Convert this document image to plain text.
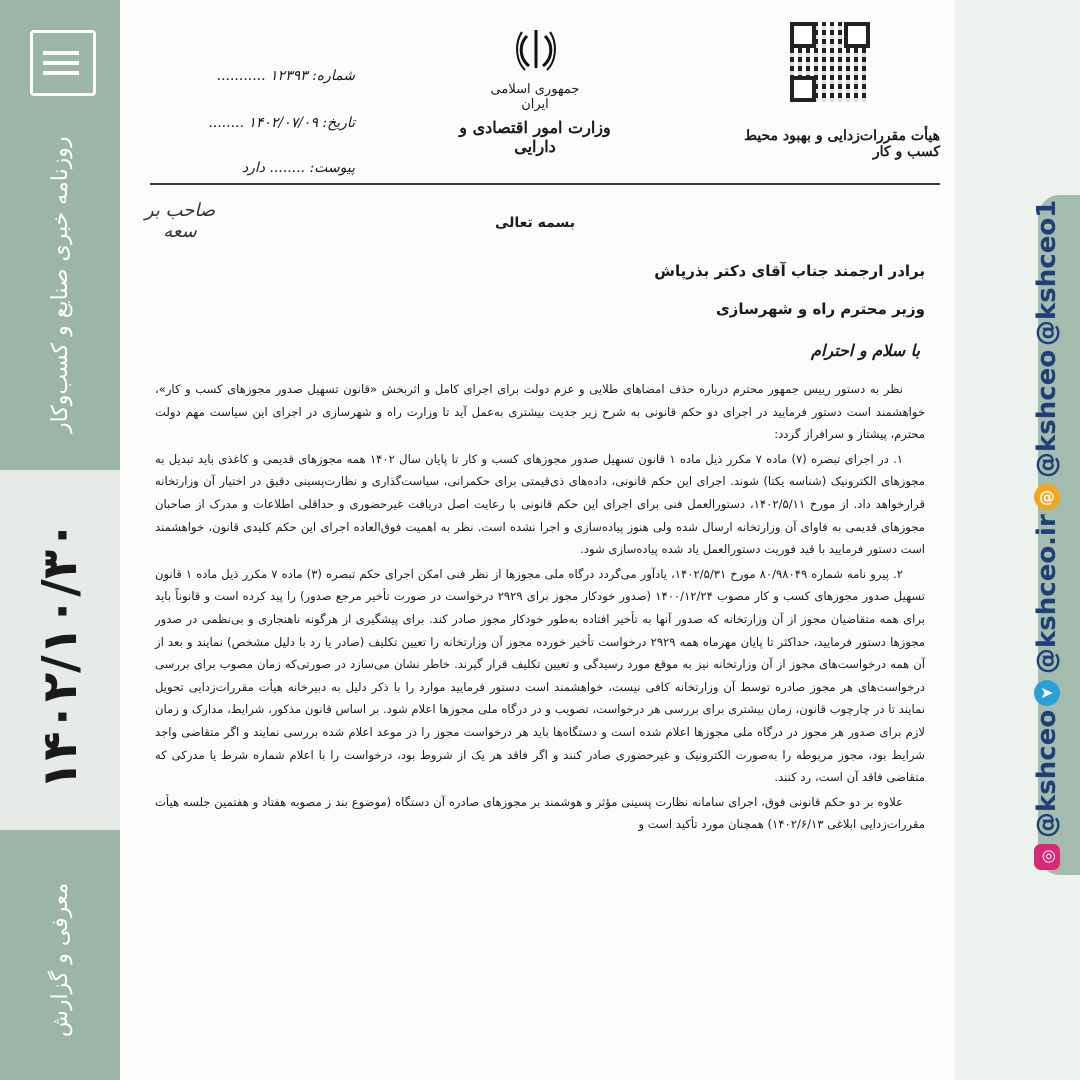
روزنامه خبری صنایع و کسب‌وکار
۱۴۰۲/۱۰/۳۰
معرفی و گزارش
جمهوری اسلامی ایران
وزارت امور اقتصادی و دارایی
هیأت مقررات‌زدایی و بهبود محیط کسب و کار
شماره: ۱۲۳۹۳ ...........
تاریخ: ۱۴۰۲/۰۷/۰۹ ........
پیوست: ........ دارد
بسمه تعالی
صاحب بر سعه
برادر ارجمند جناب آقای دکتر بذرپاش
وزیر محترم راه و شهرسازی
با سلام و احترام

نظر به دستور ریيس جمهور محترم درباره حذف امضاهای طلایی و عزم دولت برای اجرای کامل و اثربخش «قانون تسهیل صدور مجوزهای کسب و کار»، خواهشمند است دستور فرمایید در اجرای دو حکم قانونی به شرح زیر جدیت بیشتری به‌عمل آید تا وزارت راه و شهرسازی در اجرای این سیاست مهم دولت محترم، پیشتاز و سرافراز گردد:

۱. در اجرای تبصره (۷) ماده ۷ مکرر ذیل ماده ۱ قانون تسهیل صدور مجوزهای کسب و کار تا پایان سال ۱۴۰۲ همه مجوزهای قدیمی و کاغذی باید تبدیل به مجوزهای الکترونیک (شناسه یکتا) شوند. اجرای این حکم قانونی، داده‌های ذی‌قیمتی برای حکمرانی، سیاست‌گذاری و نظارت‌پسینی دقیق در اختیار آن وزارتخانه قرارخواهد داد. از مورخ ۱۴۰۲/۵/۱۱، دستورالعمل فنی برای اجرای این حکم قانونی با رعایت اصل دریافت غیرحضوری و حداقلی اطلاعات و مدرک از صاحبان مجوزهای قدیمی به فاوای آن وزارتخانه ارسال شده ولی هنوز پیاده‌سازی و اجرا نشده است. نظر به اهمیت فوق‌العاده اجرای این حکم کلیدی قانون، خواهشمند است دستور فرمایید با قید فوریت دستورالعمل یاد شده پیاده‌سازی شود.

۲. پیرو نامه شماره ۸۰/۹۸۰۴۹ مورخ ۱۴۰۲/۵/۳۱، یادآور می‌گردد درگاه ملی مجوزها از نظر فنی امکن اجرای حکم تبصره (۳) ماده ۷ مکرر ذیل ماده ۱ قانون تسهیل صدور مجوزهای کسب و کار مصوب ۱۴۰۰/۱۲/۲۴ (صدور خودکار مجوز برای ۲۹۲۹ درخواست در صورت تأخیر مرجع صدور) را پید کرده است و قانوناً باید برای همه متقاضیان مجوز از آن وزارتخانه که صدور آنها به تأخیر افتاده به‌طور خودکار مجوز صادر کند. برای پیشگیری از هرگونه ناهنجاری و بی‌نظمی در صدور مجوزها دستور فرمایید، حداکثر تا پایان مهرماه همه ۲۹۲۹ درخواست تأخیر خورده مجوز آن وزارتخانه را تعیین تکلیف (صادر یا رد با دلیل مشخص) نمایند و بعد از آن همه درخواست‌های مجوز از آن وزارتخانه نیز به موقع مورد رسیدگی و تعیین تکلیف قرار گیرند. خاطر نشان می‌سازد در صورتی‌که زمان مصوب برای بررسی درخواست‌های هر مجوز صادره توسط آن وزارتخانه کافی نیست، خواهشمند است دستور فرمایید موارد را با ذکر دلیل به دبیرخانه هیأت مقررات‌زدایی تحویل نمایند تا در چارچوب قانون، زمان بیشتری برای بررسی هر درخواست، تصویب و در درگاه ملی مجوزها اعلام شود. بر اساس قانون مذکور، شرایط، مدارک و زمان لازم برای صدور هر مجوز در درگاه ملی مجوزها اعلام شده است و دستگاه‌ها باید هر درخواست مجوز را در موعد اعلام شده بررسی نمایند و اگر متقاضی واجد شرایط بود، مجوز مربوطه را به‌صورت الکترونیک و غیرحضوری صادر کنند و اگر فاقد هر یک از شروط بود، درخواست را با اعلام شماره شرط یا مدرکی که متقاضی فاقد آن است، رد کنند.

علاوه بر دو حکم قانونی فوق، اجرای سامانه نظارت پسینی مؤثر و هوشمند بر مجوزهای صادره آن دستگاه (موضوع بند ز مصوبه هفتاد و هفتمین جلسه هیأت مقررات‌زدایی ابلاغی ۱۴۰۲/۶/۱۳) همچنان مورد تأکید است و

◎
@kshceo
➤
@kshceo.ir
@
@kshceo
@kshceo1
